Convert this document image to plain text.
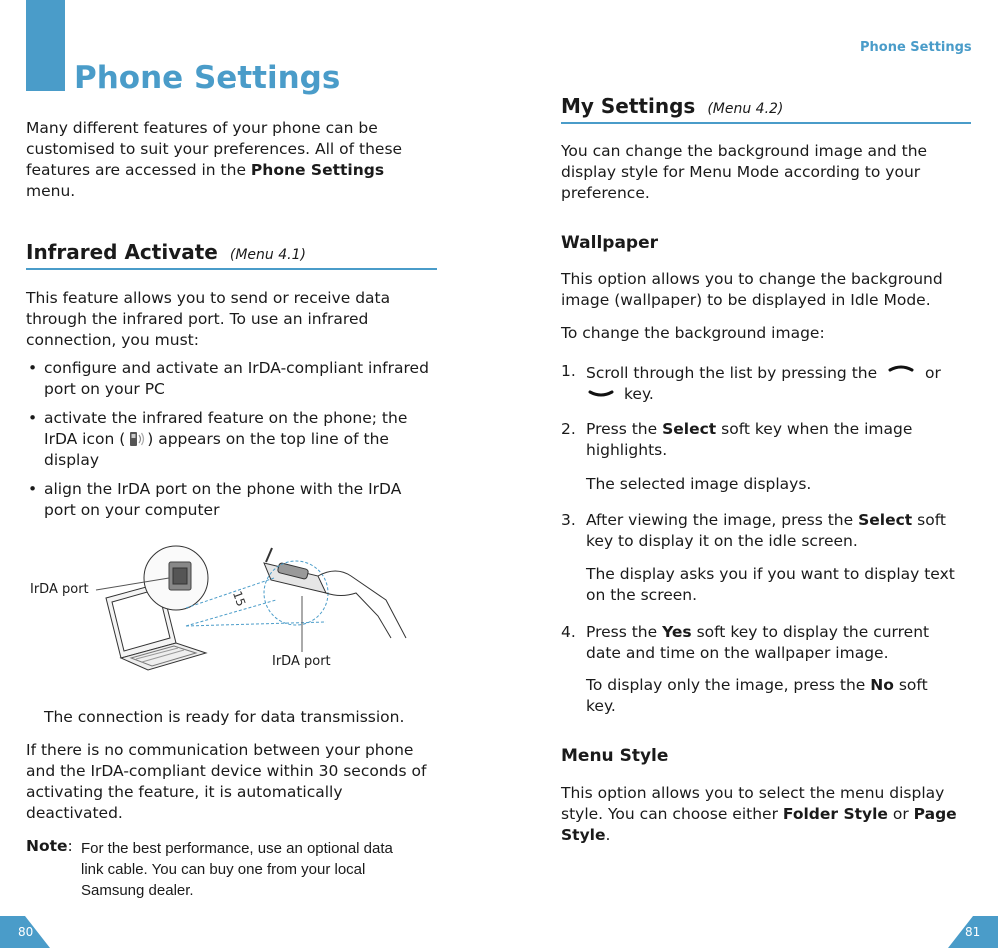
Phone Settings

Many different features of your phone can be

customised to suit your preferences. All of these

features are accessed in the Phone Settings

menu.

Infrared Activate (Menu 4.1)

This feature allows you to send or receive data

through the infrared port. To use an infrared

connection, you must:

• configure and activate an IrDA-compliant infrared

port on your PC

• activate the infrared feature on the phone; the

IrDA icon ( ) appears on the top line of the

display

• align the IrDA port on the phone with the IrDA

port on your computer

15
IrDA port
IrDA port

The connection is ready for data transmission.

If there is no communication between your phone

and the IrDA-compliant device within 30 seconds of

activating the feature, it is automatically

deactivated.

Note: For the best performance, use an optional data
link cable. You can buy one from your local
Samsung dealer.
80
Phone Settings
My Settings (Menu 4.2)

You can change the background image and the

display style for Menu Mode according to your

preference.

Wallpaper

This option allows you to change the background

image (wallpaper) to be displayed in Idle Mode.

To change the background image:

1. Scroll through the list by pressing the	or

key.

2. Press the Select soft key when the image

highlights.

The selected image displays.

3. After viewing the image, press the Select soft

key to display it on the idle screen.

The display asks you if you want to display text

on the screen.

4. Press the Yes soft key to display the current

date and time on the wallpaper image.

To display only the image, press the No soft

key.

Menu Style

This option allows you to select the menu display

style. You can choose either Folder Style or Page

Style.

81
